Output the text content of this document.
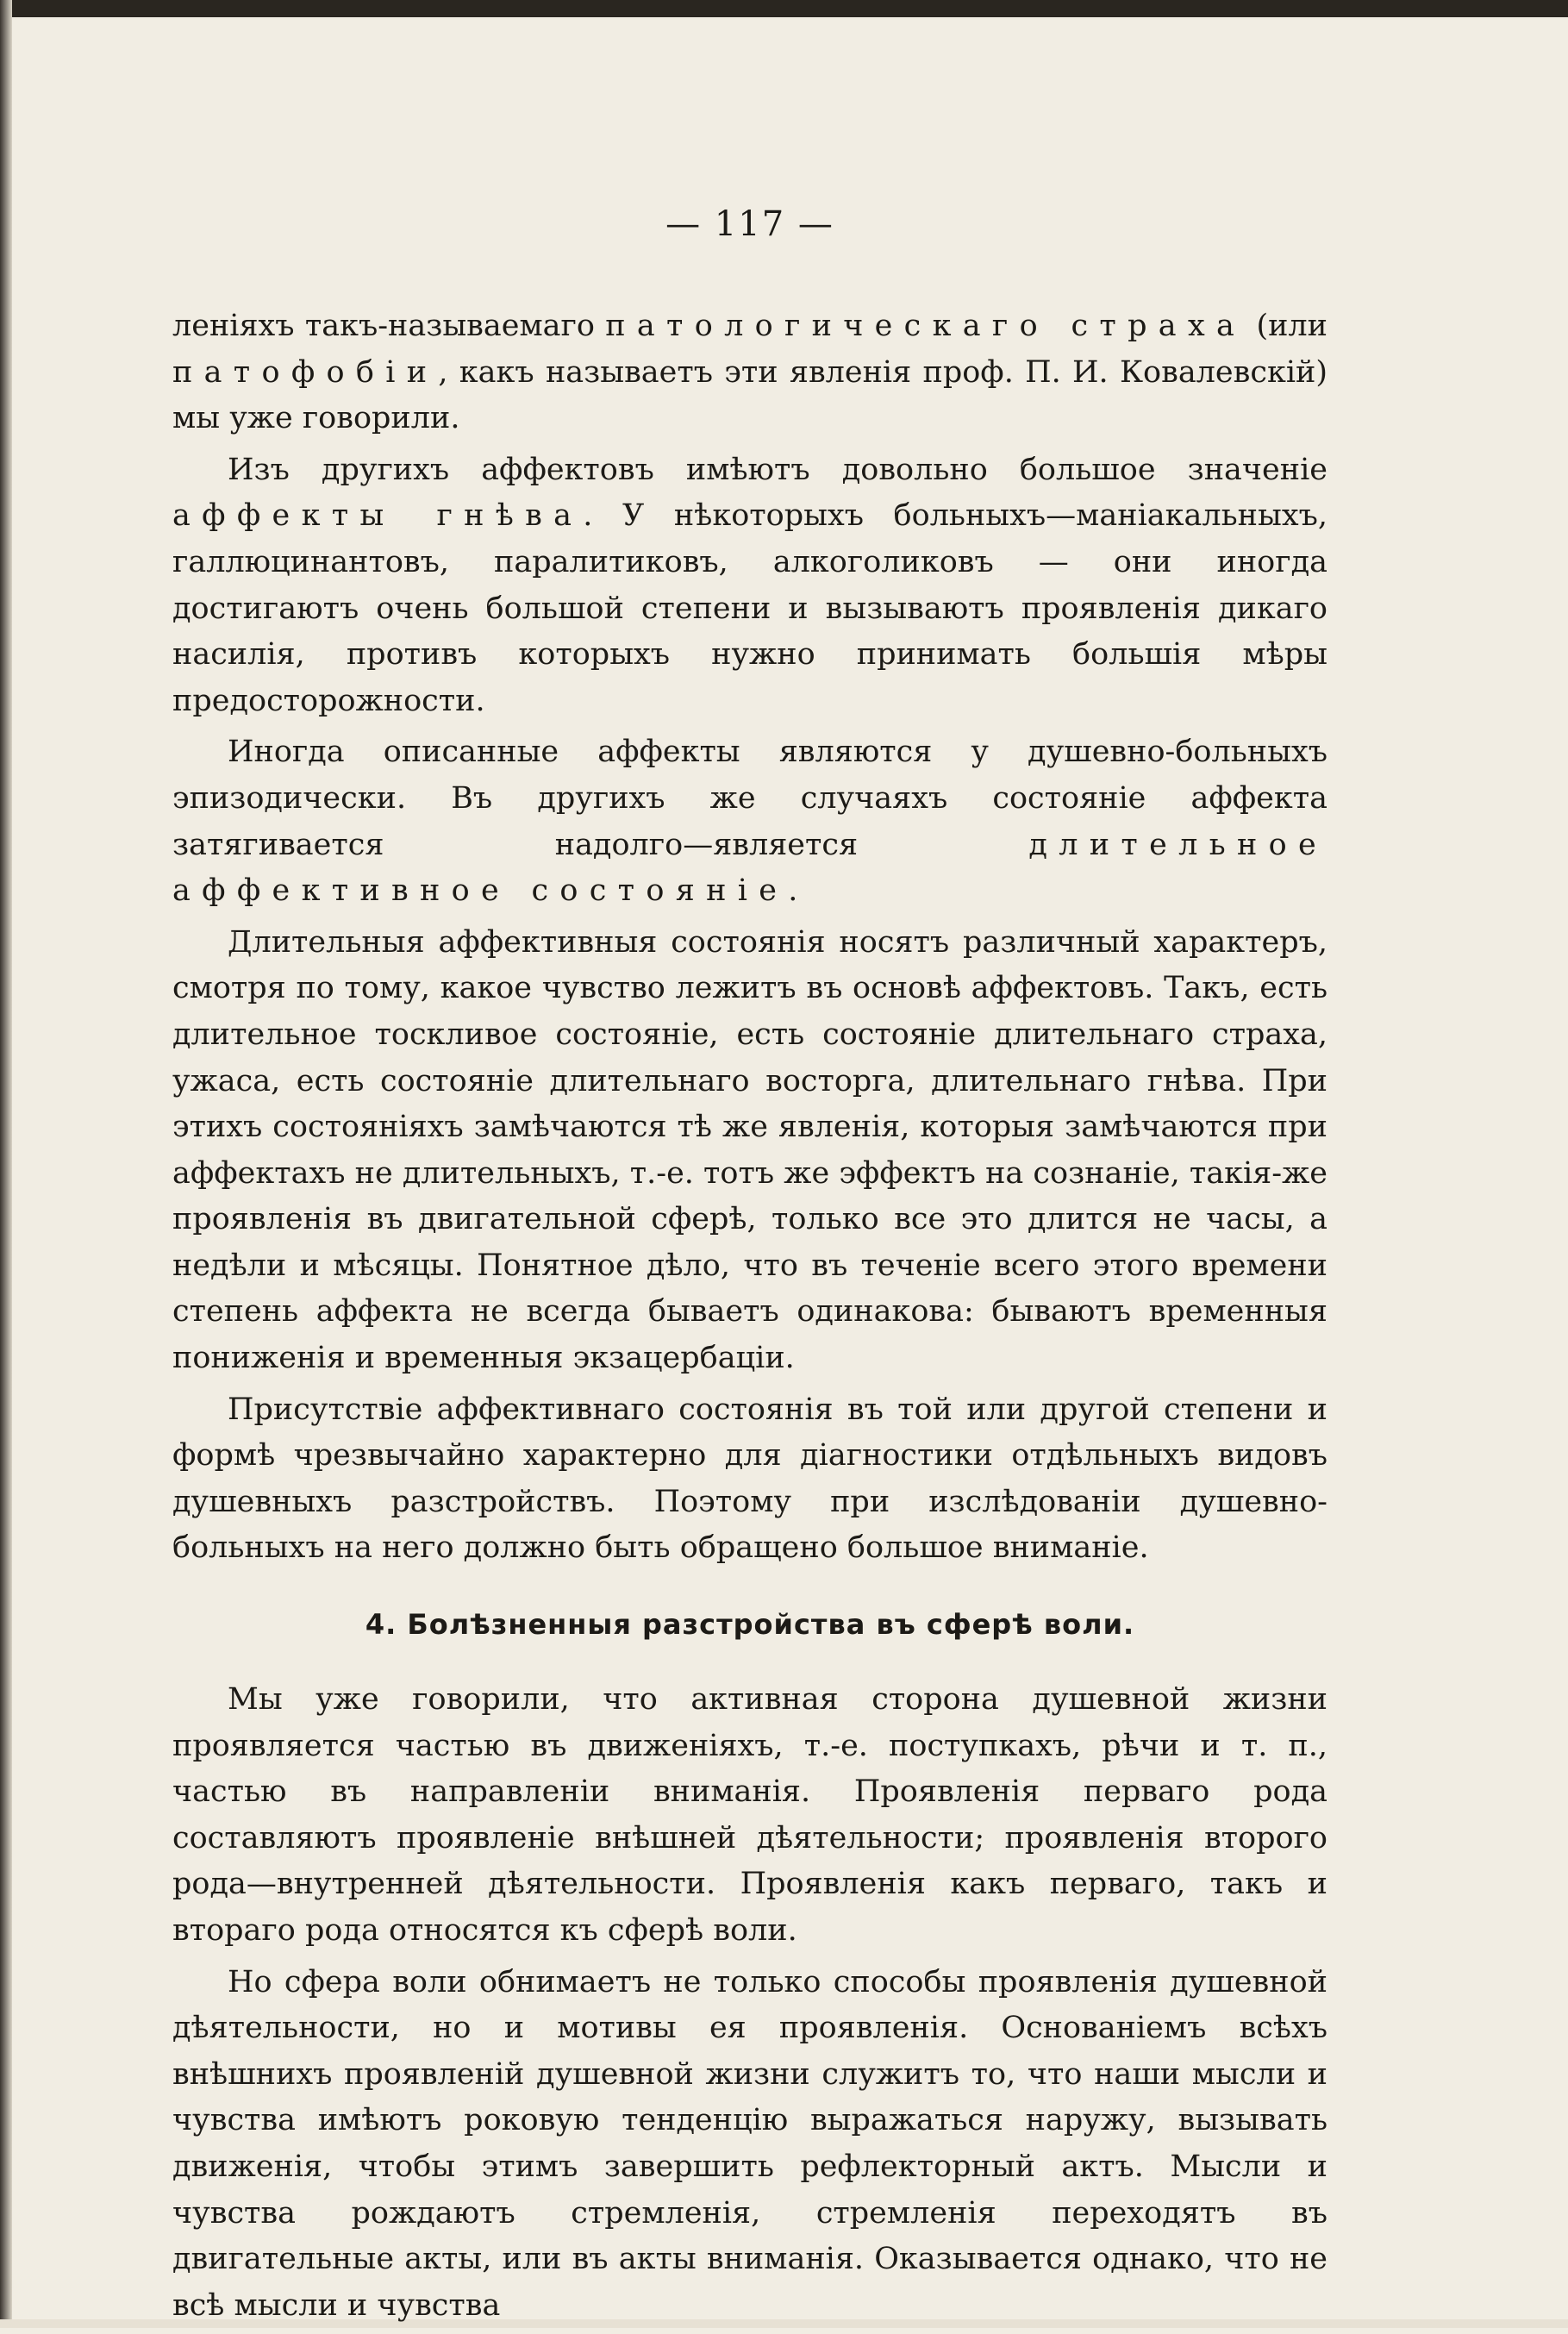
— 117 —

леніяхъ такъ-называемаго патологическаго страха (или патофобіи, какъ называетъ эти явленія проф. П. И. Ковалевскій) мы уже говорили.

Изъ другихъ аффектовъ имѣютъ довольно большое значеніе аффекты гнѣва. У нѣкоторыхъ больныхъ—маніакальныхъ, галлюцинантовъ, паралитиковъ, алкоголиковъ — они иногда достигаютъ очень большой степени и вызываютъ проявленія дикаго насилія, противъ которыхъ нужно принимать большія мѣры предосторожности.

Иногда описанные аффекты являются у душевно-больныхъ эпизодически. Въ другихъ же случаяхъ состояніе аффекта затягивается надолго—является длительное аффективное состояніе.

Длительныя аффективныя состоянія носятъ различный характеръ, смотря по тому, какое чувство лежитъ въ основѣ аффектовъ. Такъ, есть длительное тоскливое состояніе, есть состояніе длительнаго страха, ужаса, есть состояніе длительнаго восторга, длительнаго гнѣва. При этихъ состояніяхъ замѣчаются тѣ же явленія, которыя замѣчаются при аффектахъ не длительныхъ, т.-е. тотъ же эффектъ на сознаніе, такія-же проявленія въ двигательной сферѣ, только все это длится не часы, а недѣли и мѣсяцы. Понятное дѣло, что въ теченіе всего этого времени степень аффекта не всегда бываетъ одинакова: бываютъ временныя пониженія и временныя экзацербаціи.

Присутствіе аффективнаго состоянія въ той или другой степени и формѣ чрезвычайно характерно для діагностики отдѣльныхъ видовъ душевныхъ разстройствъ. Поэтому при изслѣдованіи душевно-больныхъ на него должно быть обращено большое вниманіе.

4. Болѣзненныя разстройства въ сферѣ воли.

Мы уже говорили, что активная сторона душевной жизни проявляется частью въ движеніяхъ, т.-е. поступкахъ, рѣчи и т. п., частью въ направленіи вниманія. Проявленія перваго рода составляютъ проявленіе внѣшней дѣятельности; проявленія второго рода—внутренней дѣятельности. Проявленія какъ перваго, такъ и втораго рода относятся къ сферѣ воли.

Но сфера воли обнимаетъ не только способы проявленія душевной дѣятельности, но и мотивы ея проявленія. Основаніемъ всѣхъ внѣшнихъ проявленій душевной жизни служитъ то, что наши мысли и чувства имѣютъ роковую тенденцію выражаться наружу, вызывать движенія, чтобы этимъ завершить рефлекторный актъ. Мысли и чувства рождаютъ стремленія, стремленія переходятъ въ двигательные акты, или въ акты вниманія. Оказывается однако, что не всѣ мысли и чувства
